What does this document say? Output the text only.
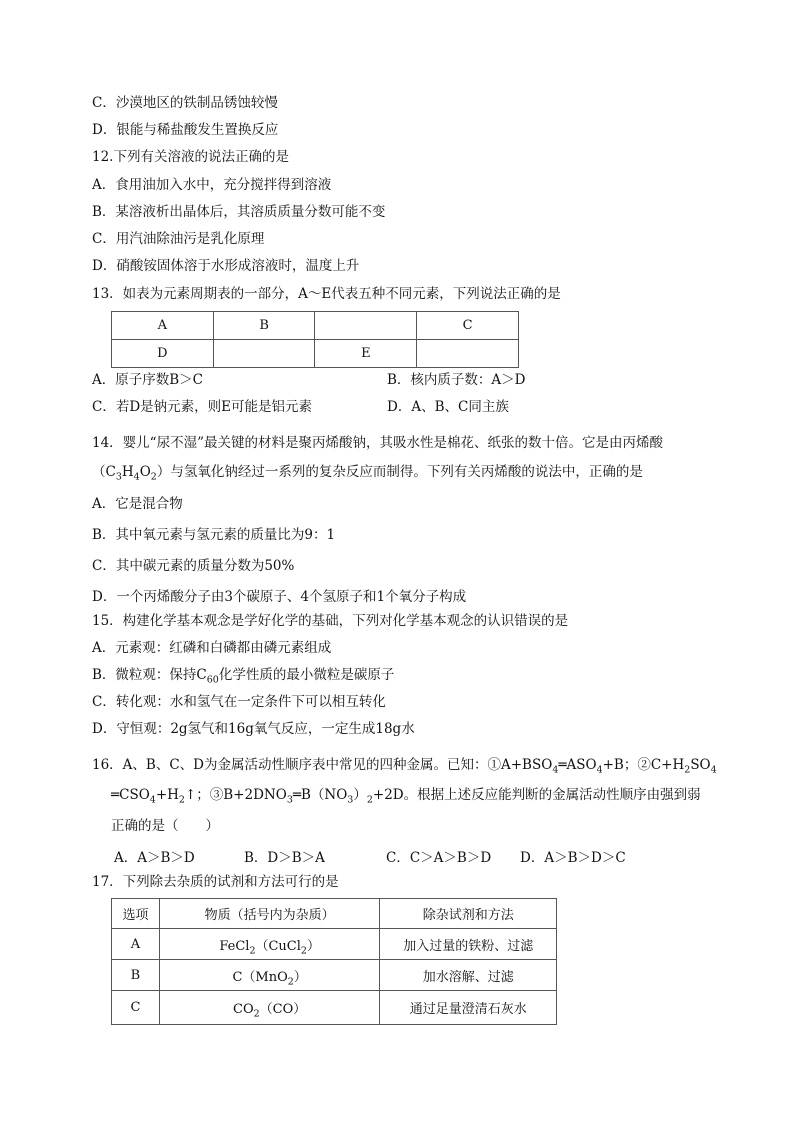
C．沙漠地区的铁制品锈蚀较慢
D．银能与稀盐酸发生置换反应
12.下列有关溶液的说法正确的是
A．食用油加入水中，充分搅拌得到溶液
B．某溶液析出晶体后，其溶质质量分数可能不变
C．用汽油除油污是乳化原理
D．硝酸铵固体溶于水形成溶液时，温度上升
13．如表为元素周期表的一部分，A～E代表五种不同元素，下列说法正确的是
A	B		C
D		E	
A．原子序数B＞C	B．核内质子数：A＞D
C．若D是钠元素，则E可能是铝元素	D．A、B、C同主族
14．婴儿“尿不湿”最关键的材料是聚丙烯酸钠，其吸水性是棉花、纸张的数十倍。它是由丙烯酸
$(C_3H_4O_2)$与氢氧化钠经过一系列的复杂反应而制得。下列有关丙烯酸的说法中，正确的是
A．它是混合物
B．其中氧元素与氢元素的质量比为9：1
C．其中碳元素的质量分数为50%
D．一个丙烯酸分子由3个碳原子、4个氢原子和1个氧分子构成
15．构建化学基本观念是学好化学的基础，下列对化学基本观念的认识错误的是
A．元素观：红磷和白磷都由磷元素组成
B．微粒观：保持$C_{60}$化学性质的最小微粒是碳原子
C．转化观：水和氢气在一定条件下可以相互转化
D．守恒观：2g氢气和16g氧气反应，一定生成18g水
16．A、B、C、D为金属活动性顺序表中常见的四种金属。已知：$①A+BSO_4═ASO_4+B$；$②C+H_2SO_4$
$═CSO_4+H_2↑$；$③B+2DNO_3═B(NO_3)_2+2D$。根据上述反应能判断的金属活动性顺序由强到弱
正确的是（　　）
A．A＞B＞D	B．D＞B＞A	C．C＞A＞B＞D D．A＞B＞D＞C
17．下列除去杂质的试剂和方法可行的是
选项	物质（括号内为杂质）	除杂试剂和方法
A	FeCl$_2$（CuCl$_2$）	加入过量的铁粉、过滤
B	C（MnO$_2$）	加水溶解、过滤
C	$CO_2(CO)$	通过足量澄清石灰水
